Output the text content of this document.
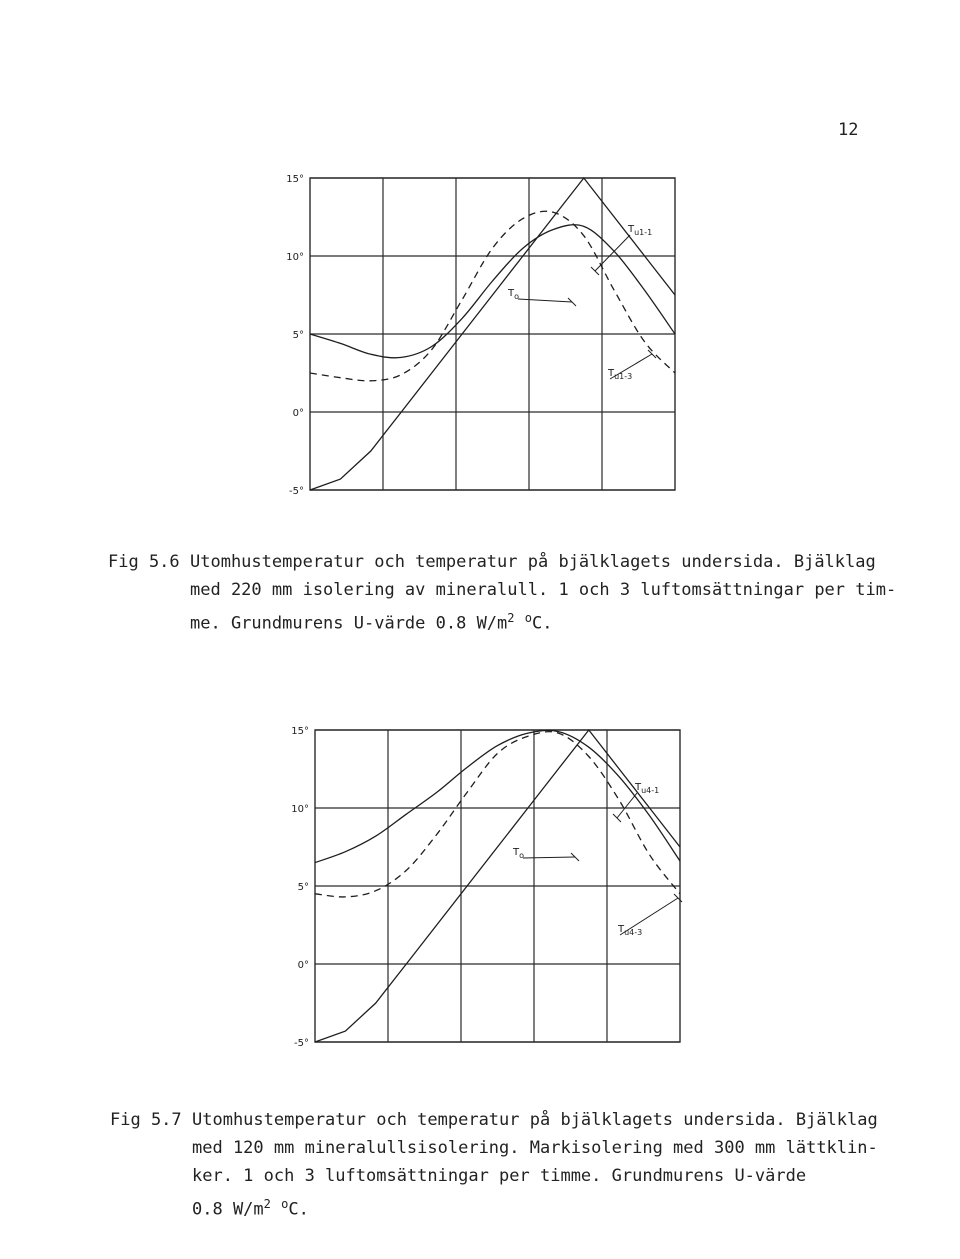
12
15°
10°
5°
0°
-5°
$T_o$
$T_{u1-1}$
$T_{u1-3}$
Fig 5.6 Utomhustemperatur och temperatur på bjälklagets undersida. Bjälklag
med 220 mm isolering av mineralull. 1 och 3 luftomsättningar per tim-
me. Grundmurens U-värde 0.8 $W/m^2$ $^o$C.
15°
10°
5°
0°
-5°
$T_o$
$T_{u4-1}$
$T_{u4-3}$
Fig 5.7 Utomhustemperatur och temperatur på bjälklagets undersida. Bjälklag
med 120 mm mineralullsisolering. Markisolering med 300 mm lättklin-
ker. 1 och 3 luftomsättningar per timme. Grundmurens U-värde
0.8 $W/m^2$ $^o$C.
